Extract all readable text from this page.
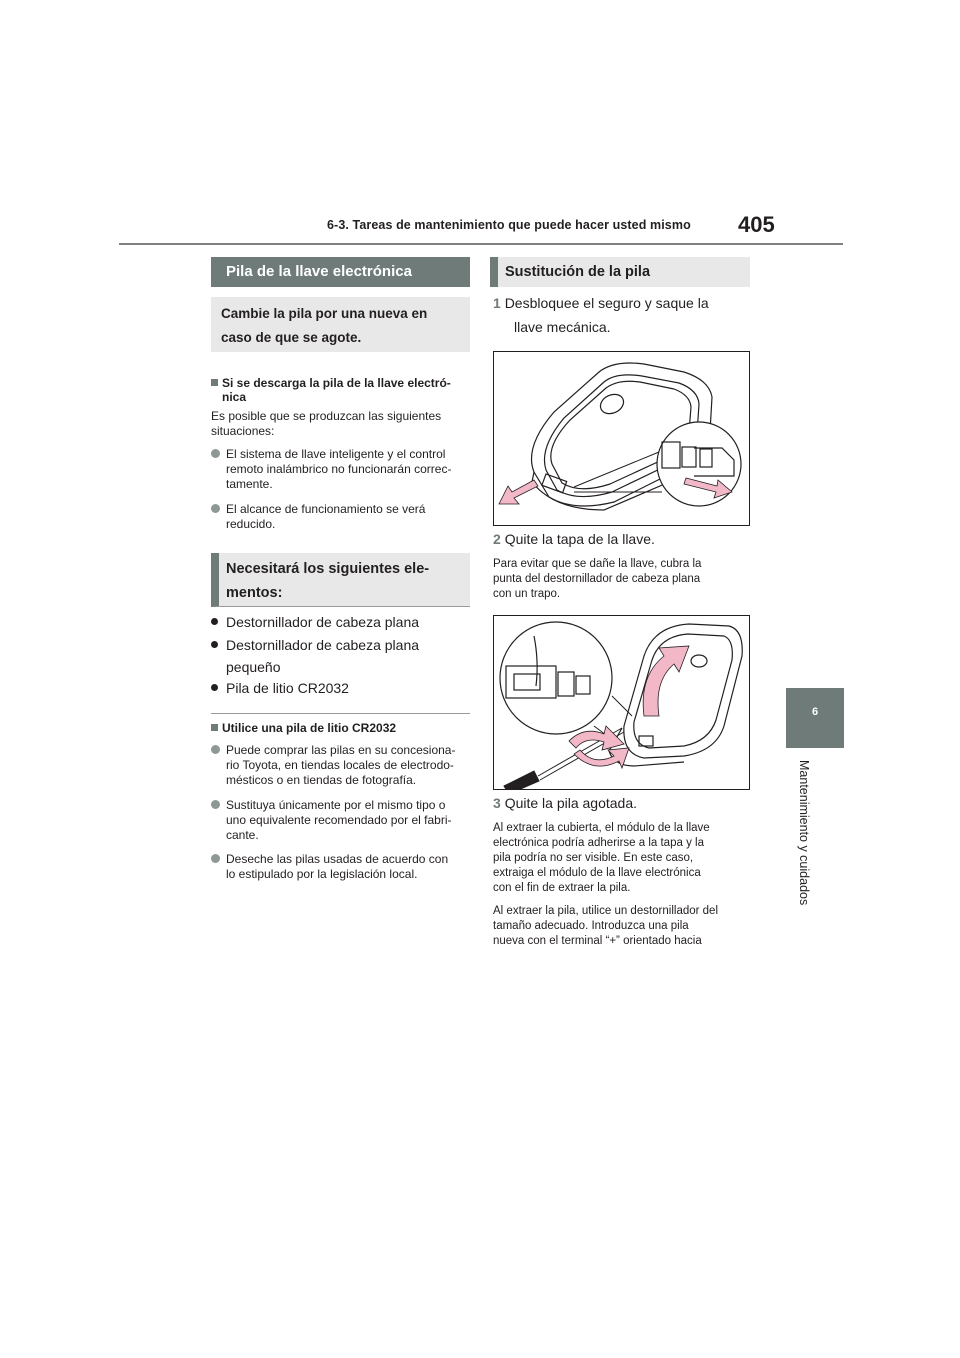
6-3. Tareas de mantenimiento que puede hacer usted mismo 405
6
Mantenimiento y cuidados
Pila de la llave electrónica
Cambie la pila por una nueva en
caso de que se agote.
Si se descarga la pila de la llave electró-
nica
Es posible que se produzcan las siguientes
situaciones:
El sistema de llave inteligente y el control
remoto inalámbrico no funcionarán correc-
tamente.
El alcance de funcionamiento se verá
reducido.
Necesitará los siguientes ele-
mentos:
Destornillador de cabeza plana
Destornillador de cabeza plana
pequeño
Pila de litio CR2032
Utilice una pila de litio CR2032
Puede comprar las pilas en su concesiona-
rio Toyota, en tiendas locales de electrodo-
mésticos o en tiendas de fotografía.
Sustituya únicamente por el mismo tipo o
uno equivalente recomendado por el fabri-
cante.
Deseche las pilas usadas de acuerdo con
lo estipulado por la legislación local.
Sustitución de la pila
1 Desbloquee el seguro y saque la
llave mecánica.
2 Quite la tapa de la llave.
Para evitar que se dañe la llave, cubra la
punta del destornillador de cabeza plana
con un trapo.
3 Quite la pila agotada.
Al extraer la cubierta, el módulo de la llave
electrónica podría adherirse a la tapa y la
pila podría no ser visible. En este caso,
extraiga el módulo de la llave electrónica
con el fin de extraer la pila.
Al extraer la pila, utilice un destornillador del
tamaño adecuado. Introduzca una pila
nueva con el terminal “+” orientado hacia
